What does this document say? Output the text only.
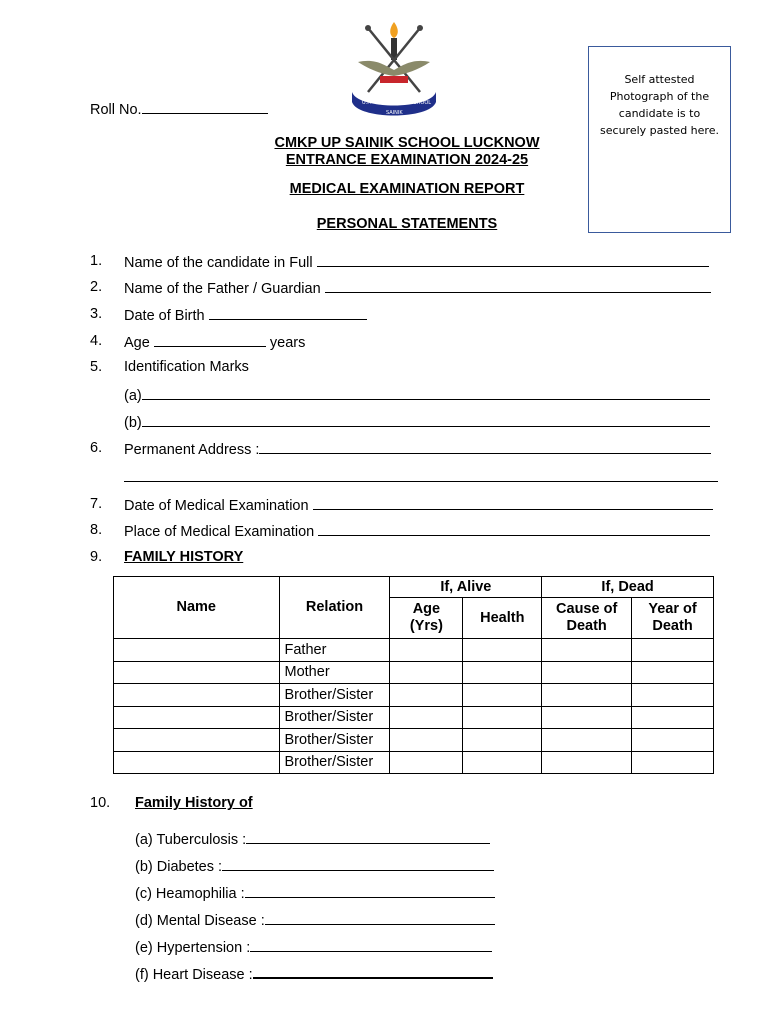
Roll No.	U.P.	SCHOOL
SAINIK
Self attested Photograph of the candidate is to securely pasted here.
CMKP UP SAINIK SCHOOL LUCKNOW
ENTRANCE EXAMINATION 2024-25
MEDICAL EXAMINATION REPORT
PERSONAL STATEMENTS
1. Name of the candidate in Full
2. Name of the Father / Guardian
3. Date of Birth
4. Age	years
5. Identification Marks
(a)
(b)
6. Permanent Address :
7. Date of Medical Examination
8. Place of Medical Examination
9. FAMILY HISTORY
Name	Relation	If, Alive		If, Dead	
		Age (Yrs)	Health	Cause of Death	Year of Death
	Father				
	Mother				
	Brother/Sister				
	Brother/Sister				
	Brother/Sister				
	Brother/Sister				
10. Family History of
(a) Tuberculosis :
(b) Diabetes :
(c) Heamophilia :
(d) Mental Disease :
(e) Hypertension :
(f) Heart Disease :
